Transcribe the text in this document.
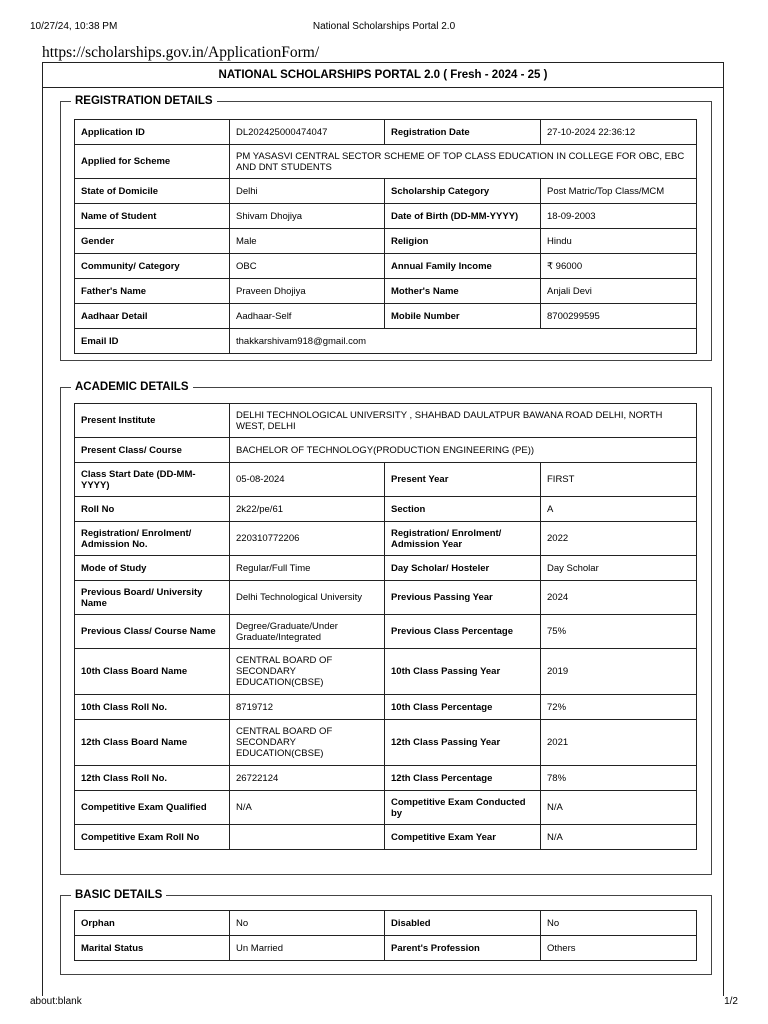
10/27/24, 10:38 PM	National Scholarships Portal 2.0
https://scholarships.gov.in/ApplicationForm/
NATIONAL SCHOLARSHIPS PORTAL 2.0 ( Fresh - 2024 - 25 )
REGISTRATION DETAILS
Application ID	DL202425000474047	Registration Date	27-10-2024 22:36:12
Applied for Scheme	PM YASASVI CENTRAL SECTOR SCHEME OF TOP CLASS EDUCATION IN COLLEGE FOR OBC, EBC AND DNT STUDENTS		
State of Domicile	Delhi	Scholarship Category	Post Matric/Top Class/MCM
Name of Student	Shivam Dhojiya	Date of Birth (DD-MM-YYYY)	18-09-2003
Gender	Male	Religion	Hindu
Community/ Category	OBC	Annual Family Income	₹ 96000
Father's Name	Praveen Dhojiya	Mother's Name	Anjali Devi
Aadhaar Detail	Aadhaar-Self	Mobile Number	8700299595
Email ID	thakkarshivam918@gmail.com		
ACADEMIC DETAILS
Present Institute	DELHI TECHNOLOGICAL UNIVERSITY , SHAHBAD DAULATPUR BAWANA ROAD DELHI, NORTH WEST, DELHI		
Present Class/ Course	BACHELOR OF TECHNOLOGY(PRODUCTION ENGINEERING (PE))		
Class Start Date (DD-MM-YYYY)	05-08-2024	Present Year	FIRST
Roll No	2k22/pe/61	Section	A
Registration/ Enrolment/ Admission No.	220310772206	Registration/ Enrolment/ Admission Year	2022
Mode of Study	Regular/Full Time	Day Scholar/ Hosteler	Day Scholar
Previous Board/ University Name	Delhi Technological University	Previous Passing Year	2024
Previous Class/ Course Name	Degree/Graduate/Under Graduate/Integrated	Previous Class Percentage	75%
10th Class Board Name	CENTRAL BOARD OF SECONDARY EDUCATION(CBSE)	10th Class Passing Year	2019
10th Class Roll No.	8719712	10th Class Percentage	72%
12th Class Board Name	CENTRAL BOARD OF SECONDARY EDUCATION(CBSE)	12th Class Passing Year	2021
12th Class Roll No.	26722124	12th Class Percentage	78%
Competitive Exam Qualified	N/A	Competitive Exam Conducted by	N/A
Competitive Exam Roll No		Competitive Exam Year	N/A
BASIC DETAILS
Orphan	No	Disabled	No
Marital Status	Un Married	Parent's Profession	Others
about:blank	1/2
